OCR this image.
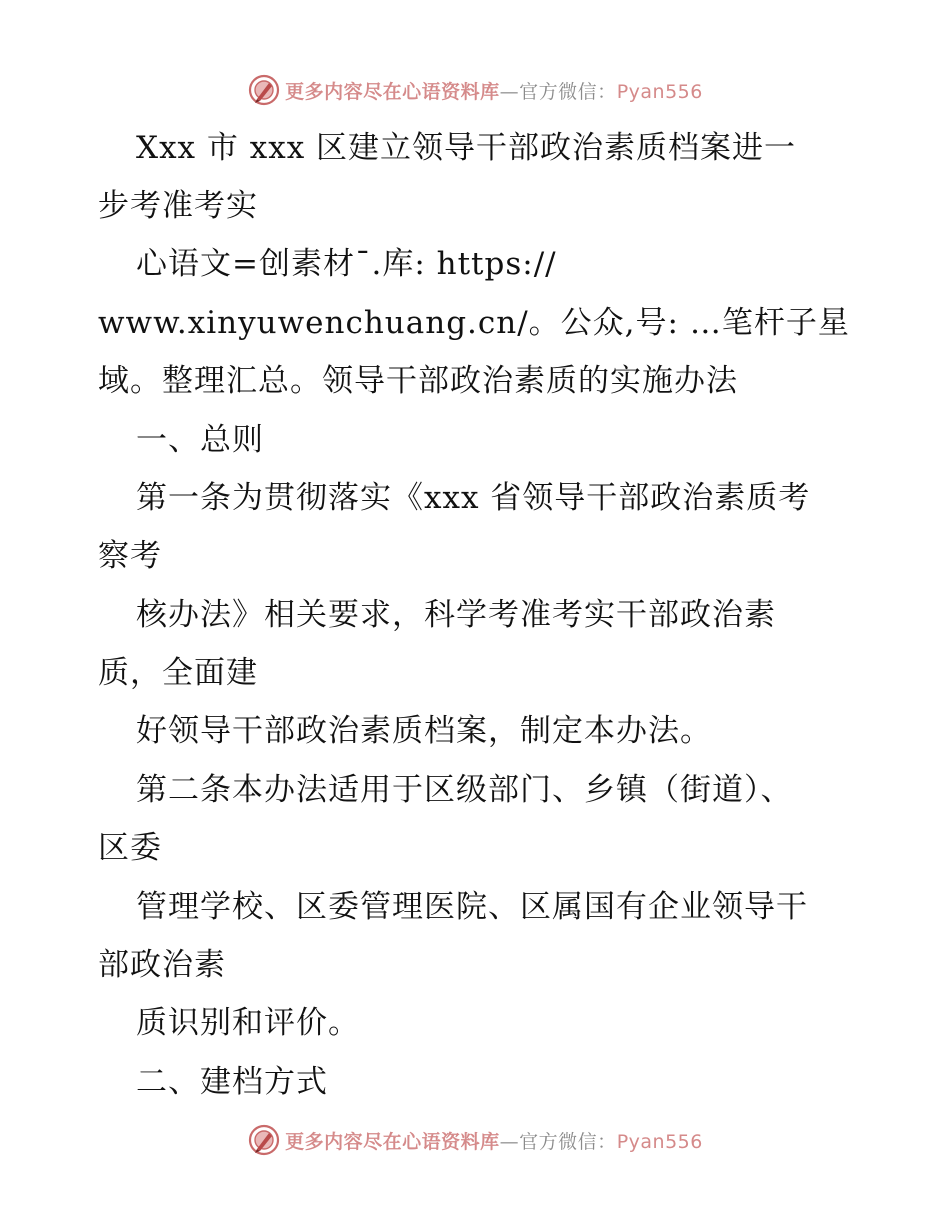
更多内容尽在心语资料库—官方微信：Pyan556
Xxx 市 xxx 区建立领导干部政治素质档案进一
步考准考实
心语文=创素材¯.库: https://
www.xinyuwenchuang.cn/。公众,号: …笔杆子星
域。整理汇总。领导干部政治素质的实施办法
一、总则
第一条为贯彻落实《xxx 省领导干部政治素质考
察考
核办法》相关要求，科学考准考实干部政治素
质，全面建
好领导干部政治素质档案，制定本办法。
第二条本办法适用于区级部门、乡镇（街道）、
区委
管理学校、区委管理医院、区属国有企业领导干
部政治素
质识别和评价。
二、建档方式
更多内容尽在心语资料库—官方微信：Pyan556
